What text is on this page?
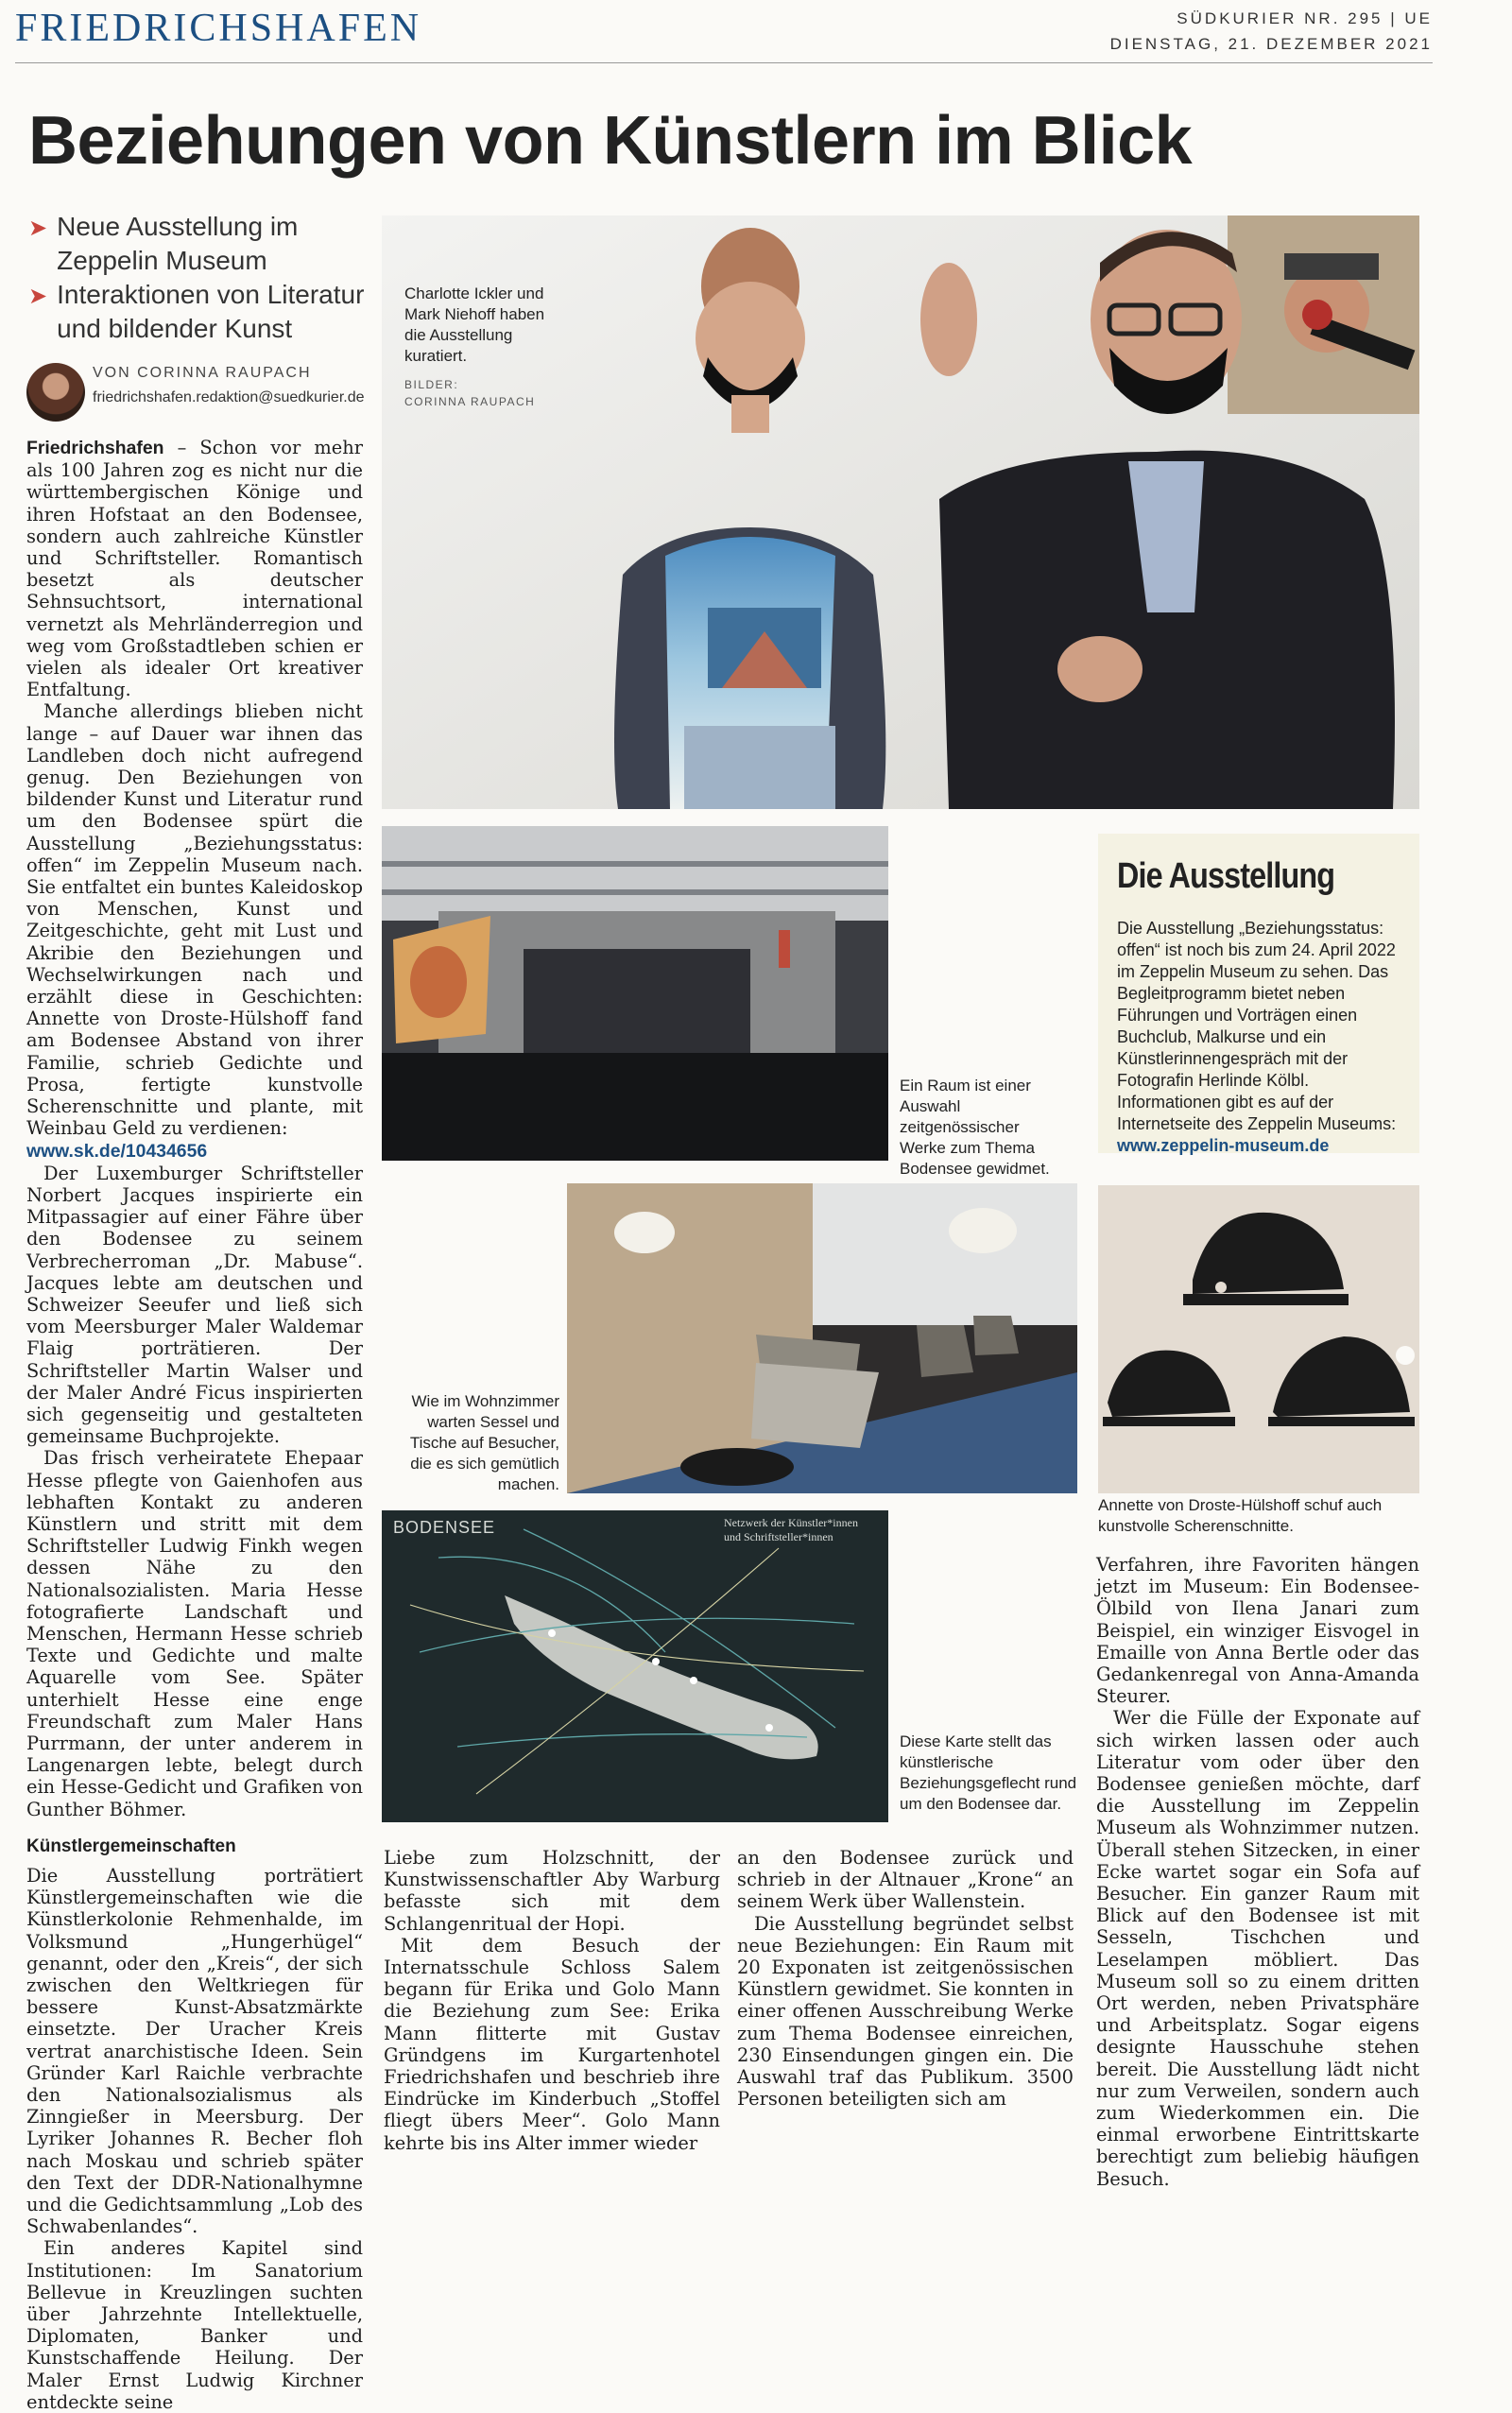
FRIEDRICHSHAFEN	SÜDKURIER NR. 295 | UE
DIENSTAG, 21. DEZEMBER 2021
Beziehungen von Künstlern im Blick
➤ Neue Ausstellung im Zeppelin Museum
➤ Interaktionen von Literatur und bildender Kunst
VON CORINNA RAUPACH
friedrichshafen.redaktion@suedkurier.de

Friedrichshafen – Schon vor mehr als 100 Jahren zog es nicht nur die württembergischen Könige und ihren Hofstaat an den Bodensee, sondern auch zahlreiche Künstler und Schriftsteller. Romantisch besetzt als deutscher Sehnsuchtsort, international vernetzt als Mehrländerregion und weg vom Großstadtleben schien er vielen als idealer Ort kreativer Entfaltung.

Manche allerdings blieben nicht lange – auf Dauer war ihnen das Landleben doch nicht aufregend genug. Den Beziehungen von bildender Kunst und Literatur rund um den Bodensee spürt die Ausstellung „Beziehungsstatus: offen“ im Zeppelin Museum nach. Sie entfaltet ein buntes Kaleidoskop von Menschen, Kunst und Zeitgeschichte, geht mit Lust und Akribie den Beziehungen und Wechselwirkungen nach und erzählt diese in Geschichten: Annette von Droste-Hülshoff fand am Bodensee Abstand von ihrer Familie, schrieb Gedichte und Prosa, fertigte kunstvolle Scherenschnitte und plante, mit Weinbau Geld zu verdienen:
www.sk.de/10434656

Der Luxemburger Schriftsteller Norbert Jacques inspirierte ein Mitpassagier auf einer Fähre über den Bodensee zu seinem Verbrecherroman „Dr. Mabuse“. Jacques lebte am deutschen und Schweizer Seeufer und ließ sich vom Meersburger Maler Waldemar Flaig porträtieren. Der Schriftsteller Martin Walser und der Maler André Ficus inspirierten sich gegenseitig und gestalteten gemeinsame Buchprojekte.

Das frisch verheiratete Ehepaar Hesse pflegte von Gaienhofen aus lebhaften Kontakt zu anderen Künstlern und stritt mit dem Schriftsteller Ludwig Finkh wegen dessen Nähe zu den Nationalsozialisten. Maria Hesse fotografierte Landschaft und Menschen, Hermann Hesse schrieb Texte und Gedichte und malte Aquarelle vom See. Später unterhielt Hesse eine enge Freundschaft zum Maler Hans Purrmann, der unter anderem in Langenargen lebte, belegt durch ein Hesse-Gedicht und Grafiken von Gunther Böhmer.

Künstlergemeinschaften

Die Ausstellung porträtiert Künstlergemeinschaften wie die Künstlerkolonie Rehmenhalde, im Volksmund „Hungerhügel“ genannt, oder den „Kreis“, der sich zwischen den Weltkriegen für bessere Kunst-Absatzmärkte einsetzte. Der Uracher Kreis vertrat anarchistische Ideen. Sein Gründer Karl Raichle verbrachte den Nationalsozialismus als Zinngießer in Meersburg. Der Lyriker Johannes R. Becher floh nach Moskau und schrieb später den Text der DDR-Nationalhymne und die Gedichtsammlung „Lob des Schwabenlandes“.

Ein anderes Kapitel sind Institutionen: Im Sanatorium Bellevue in Kreuzlingen suchten über Jahrzehnte Intellektuelle, Diplomaten, Banker und Kunstschaffende Heilung. Der Maler Ernst Ludwig Kirchner entdeckte seine

Charlotte Ickler und Mark Niehoff haben die Ausstellung kuratiert.
BILDER:
CORINNA RAUPACH
Ein Raum ist einer Auswahl zeitgenössischer Werke zum Thema Bodensee gewidmet.
Die Ausstellung
Die Ausstellung „Beziehungsstatus: offen“ ist noch bis zum 24. April 2022 im Zeppelin Museum zu sehen. Das Begleitprogramm bietet neben Führungen und Vorträgen einen Buchclub, Malkurse und ein Künstlerinnengespräch mit der Fotografin Herlinde Kölbl. Informationen gibt es auf der Internetseite des Zeppelin Museums:
www.zeppelin-museum.de
Wie im Wohnzimmer warten Sessel und Tische auf Besucher, die es sich gemütlich machen.
Annette von Droste-Hülshoff schuf auch kunstvolle Scherenschnitte.
BODENSEE	Netzwerk der Künstler*innen und Schriftsteller*innen
Diese Karte stellt das künstlerische Beziehungsgeflecht rund um den Bodensee dar.

Liebe zum Holzschnitt, der Kunstwissenschaftler Aby Warburg befasste sich mit dem Schlangenritual der Hopi.

Mit dem Besuch der Internatsschule Schloss Salem begann für Erika und Golo Mann die Beziehung zum See: Erika Mann flitterte mit Gustav Gründgens im Kurgartenhotel Friedrichshafen und beschrieb ihre Eindrücke im Kinderbuch „Stoffel fliegt übers Meer“. Golo Mann kehrte bis ins Alter immer wieder

an den Bodensee zurück und schrieb in der Altnauer „Krone“ an seinem Werk über Wallenstein.

Die Ausstellung begründet selbst neue Beziehungen: Ein Raum mit 20 Exponaten ist zeitgenössischen Künstlern gewidmet. Sie konnten in einer offenen Ausschreibung Werke zum Thema Bodensee einreichen, 230 Einsendungen gingen ein. Die Auswahl traf das Publikum. 3500 Personen beteiligten sich am

Verfahren, ihre Favoriten hängen jetzt im Museum: Ein Bodensee-Ölbild von Ilena Janari zum Beispiel, ein winziger Eisvogel in Emaille von Anna Bertle oder das Gedankenregal von Anna-Amanda Steurer.

Wer die Fülle der Exponate auf sich wirken lassen oder auch Literatur vom oder über den Bodensee genießen möchte, darf die Ausstellung im Zeppelin Museum als Wohnzimmer nutzen. Überall stehen Sitzecken, in einer Ecke wartet sogar ein Sofa auf Besucher. Ein ganzer Raum mit Blick auf den Bodensee ist mit Sesseln, Tischchen und Leselampen möbliert. Das Museum soll so zu einem dritten Ort werden, neben Privatsphäre und Arbeitsplatz. Sogar eigens designte Hausschuhe stehen bereit. Die Ausstellung lädt nicht nur zum Verweilen, sondern auch zum Wiederkommen ein. Die einmal erworbene Eintrittskarte berechtigt zum beliebig häufigen Besuch.
